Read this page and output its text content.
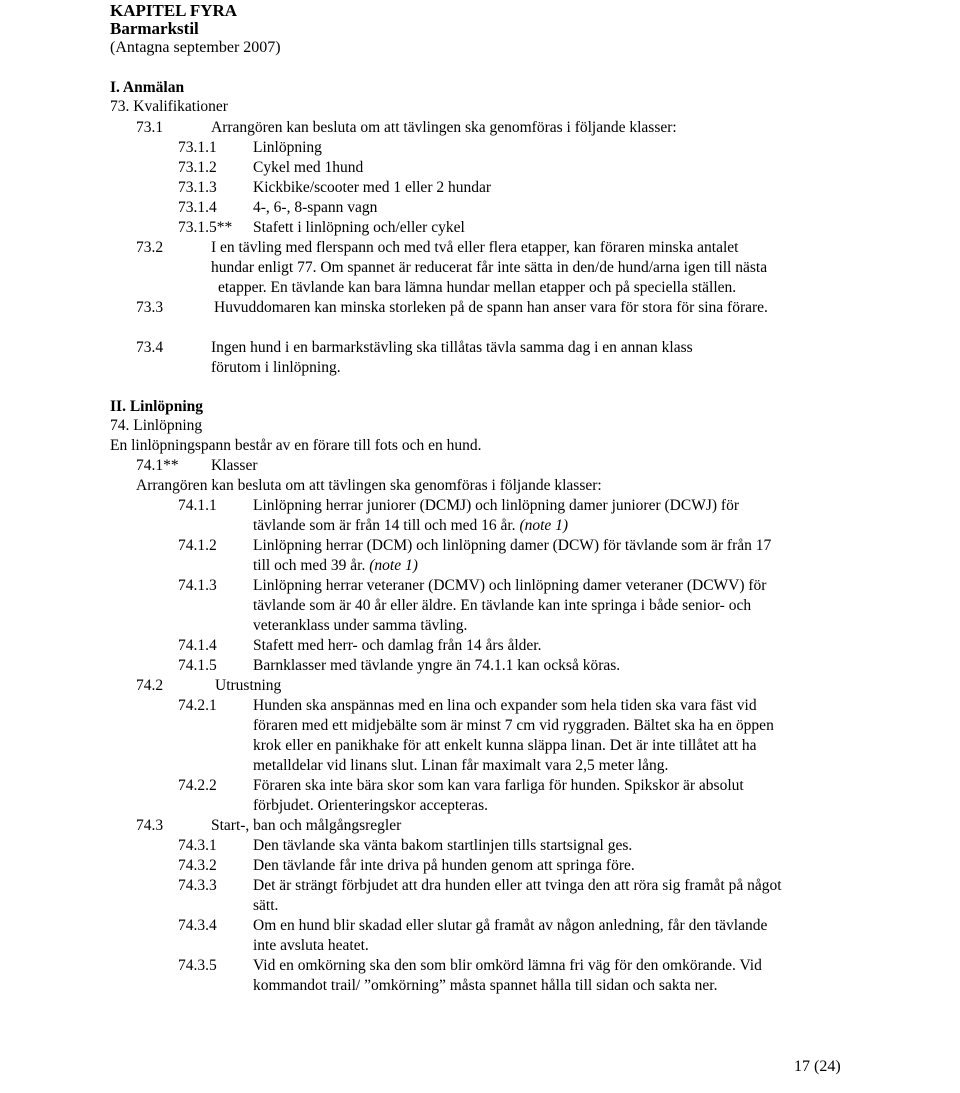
KAPITEL FYRA
Barmarkstil
(Antagna september 2007)
I. Anmälan
73. Kvalifikationer
73.1	Arrangören kan besluta om att tävlingen ska genomföras i följande klasser:
73.1.1 Linlöpning
73.1.2 Cykel med 1hund
73.1.3 Kickbike/scooter med 1 eller 2 hundar
73.1.4 4-, 6-, 8-spann vagn
73.1.5** Stafett i linlöpning och/eller cykel
73.2	I en tävling med flerspann och med två eller flera etapper, kan föraren minska antalet
hundar enligt 77. Om spannet är reducerat får inte sätta in den/de hund/arna igen till nästa
etapper. En tävlande kan bara lämna hundar mellan etapper och på speciella ställen.
73.3	Huvuddomaren kan minska storleken på de spann han anser vara för stora för sina förare.
73.4	Ingen hund i en barmarkstävling ska tillåtas tävla samma dag i en annan klass
förutom i linlöpning.
II. Linlöpning
74. Linlöpning
En linlöpningspann består av en förare till fots och en hund.
74.1** Klasser
Arrangören kan besluta om att tävlingen ska genomföras i följande klasser:
74.1.1 Linlöpning herrar juniorer (DCMJ) och linlöpning damer juniorer (DCWJ) för
tävlande som är från 14 till och med 16 år. (note 1)
74.1.2 Linlöpning herrar (DCM) och linlöpning damer (DCW) för tävlande som är från 17
till och med 39 år. (note 1)
74.1.3 Linlöpning herrar veteraner (DCMV) och linlöpning damer veteraner (DCWV) för
tävlande som är 40 år eller äldre. En tävlande kan inte springa i både senior- och
veteranklass under samma tävling.
74.1.4 Stafett med herr- och damlag från 14 års ålder.
74.1.5 Barnklasser med tävlande yngre än 74.1.1 kan också köras.
74.2	Utrustning
74.2.1 Hunden ska anspännas med en lina och expander som hela tiden ska vara fäst vid
föraren med ett midjebälte som är minst 7 cm vid ryggraden. Bältet ska ha en öppen
krok eller en panikhake för att enkelt kunna släppa linan. Det är inte tillåtet att ha
metalldelar vid linans slut. Linan får maximalt vara 2,5 meter lång.
74.2.2 Föraren ska inte bära skor som kan vara farliga för hunden. Spikskor är absolut
förbjudet. Orienteringskor accepteras.
74.3	Start-, ban och målgångsregler
74.3.1 Den tävlande ska vänta bakom startlinjen tills startsignal ges.
74.3.2 Den tävlande får inte driva på hunden genom att springa före.
74.3.3 Det är strängt förbjudet att dra hunden eller att tvinga den att röra sig framåt på något
sätt.
74.3.4 Om en hund blir skadad eller slutar gå framåt av någon anledning, får den tävlande
inte avsluta heatet.
74.3.5 Vid en omkörning ska den som blir omkörd lämna fri väg för den omkörande. Vid
kommandot trail/ ”omkörning” måsta spannet hålla till sidan och sakta ner.
17 (24)
